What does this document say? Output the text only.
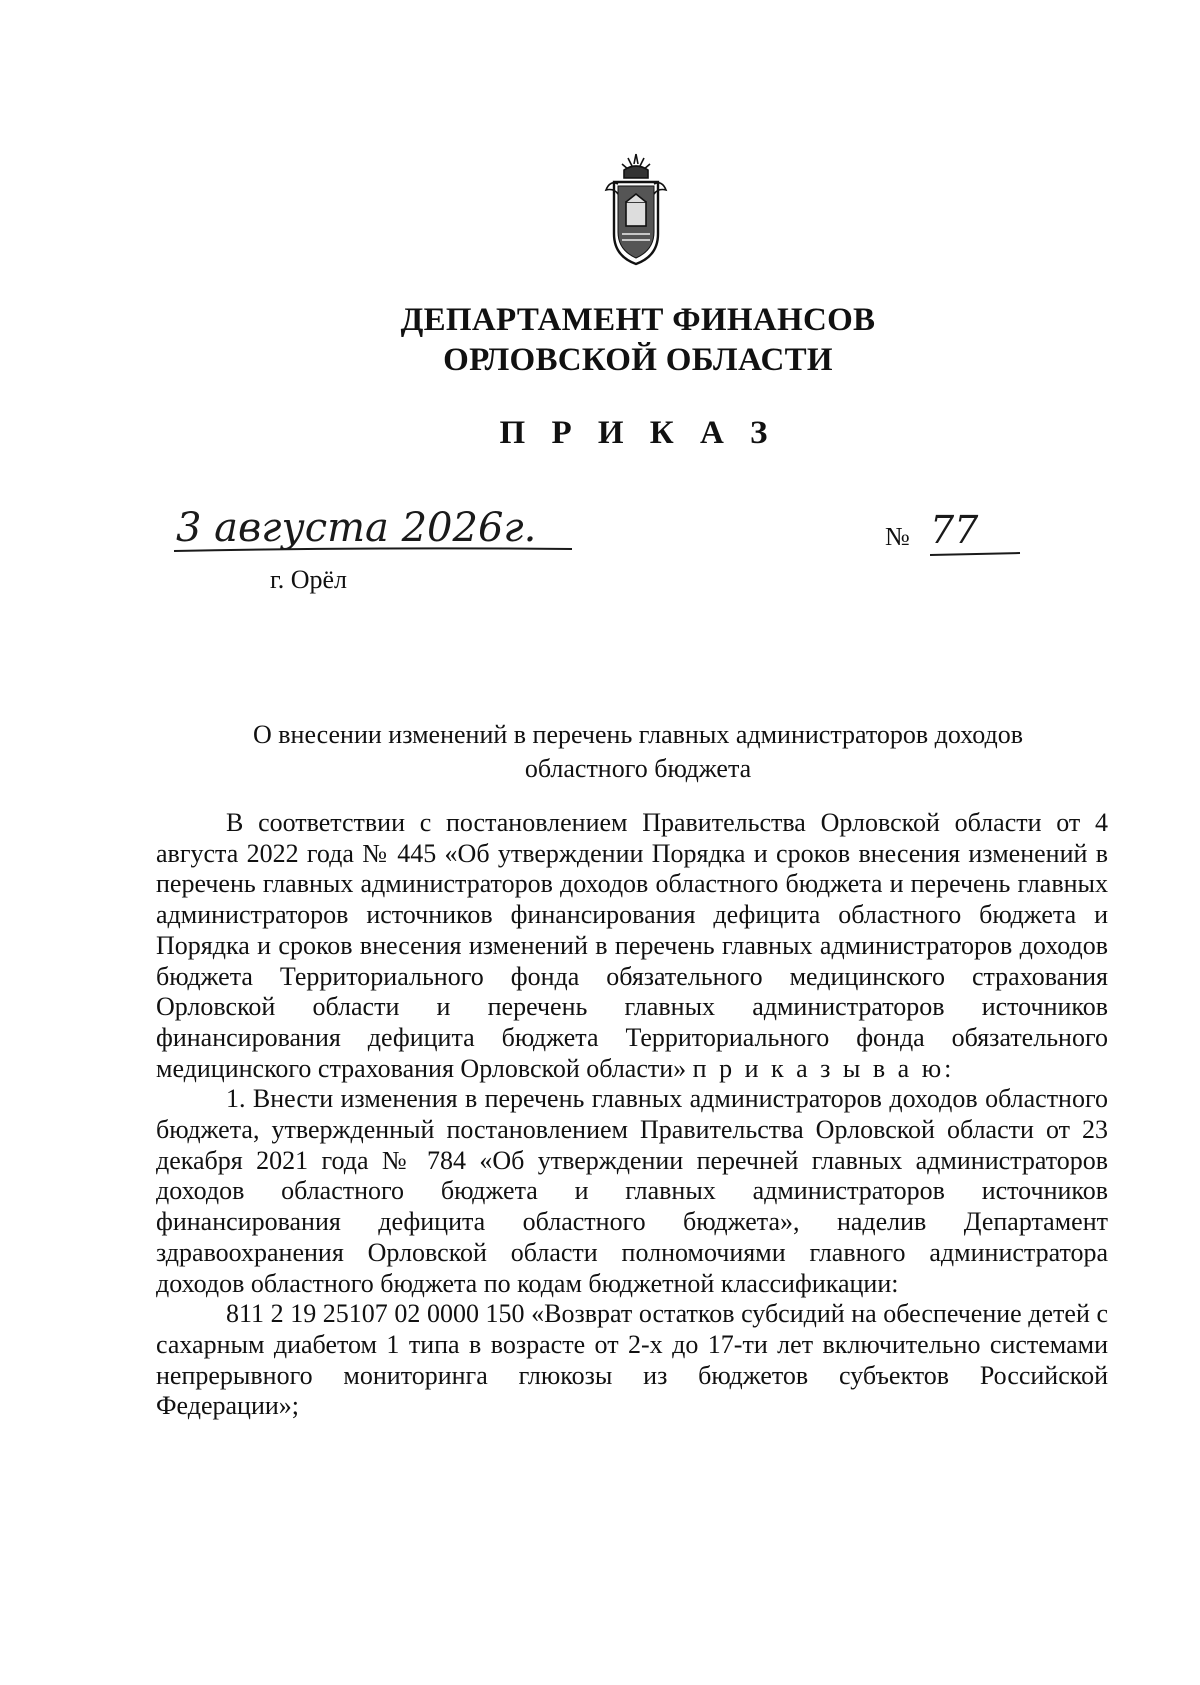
ДЕПАРТАМЕНТ ФИНАНСОВ
ОРЛОВСКОЙ ОБЛАСТИ
П Р И К А З
3 августа 2026г.
г. Орёл
№ 77
О внесении изменений в перечень главных администраторов доходов
областного бюджета

В соответствии с постановлением Правительства Орловской области от 4 августа 2022 года № 445 «Об утверждении Порядка и сроков внесения изменений в перечень главных администраторов доходов областного бюджета и перечень главных администраторов источников финансирования дефицита областного бюджета и Порядка и сроков внесения изменений в перечень главных администраторов доходов бюджета Территориального фонда обязательного медицинского страхования Орловской области и перечень главных администраторов источников финансирования дефицита бюджета Территориального фонда обязательного медицинского страхования Орловской области» п р и к а з ы в а ю:

1. Внести изменения в перечень главных администраторов доходов областного бюджета, утвержденный постановлением Правительства Орловской области от 23 декабря 2021 года № 784 «Об утверждении перечней главных администраторов доходов областного бюджета и главных администраторов источников финансирования дефицита областного бюджета», наделив Департамент здравоохранения Орловской области полномочиями главного администратора доходов областного бюджета по кодам бюджетной классификации:

811 2 19 25107 02 0000 150 «Возврат остатков субсидий на обеспечение детей с сахарным диабетом 1 типа в возрасте от 2-х до 17-ти лет включительно системами непрерывного мониторинга глюкозы из бюджетов субъектов Российской Федерации»;
